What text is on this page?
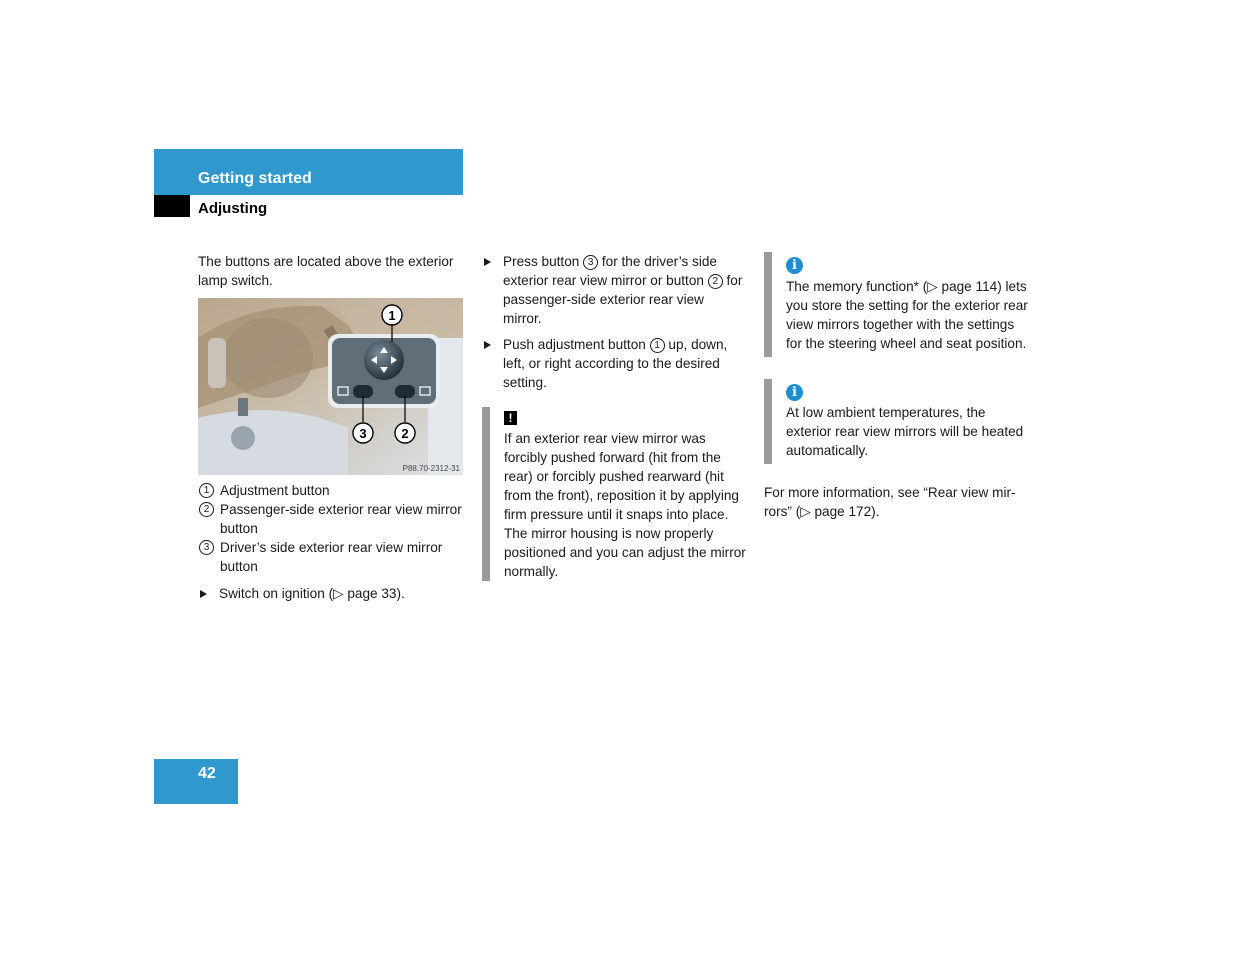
Getting started
Adjusting

The buttons are located above the exterior lamp switch.

1
3	2
P88.70-2312-31
1 Adjustment button
2 Passenger-side exterior rear view mirror button
3 Driver’s side exterior rear view mirror button

Switch on ignition (▷ page 33).

Press button 3 for the driver’s side exterior rear view mirror or button 2 for passenger-side exterior rear view mirror.

Push adjustment button 1 up, down, left, or right according to the desired setting.

!

If an exterior rear view mirror was forcibly pushed forward (hit from the rear) or forcibly pushed rearward (hit from the front), reposition it by applying firm pressure until it snaps into place. The mirror housing is now properly positioned and you can adjust the mirror normally.

i

The memory function* (▷ page 114) lets you store the setting for the exterior rear view mirrors together with the settings for the steering wheel and seat position.

i

At low ambient temperatures, the exterior rear view mirrors will be heated automatically.

For more information, see “Rear view mir-rors” (▷ page 172).

42
